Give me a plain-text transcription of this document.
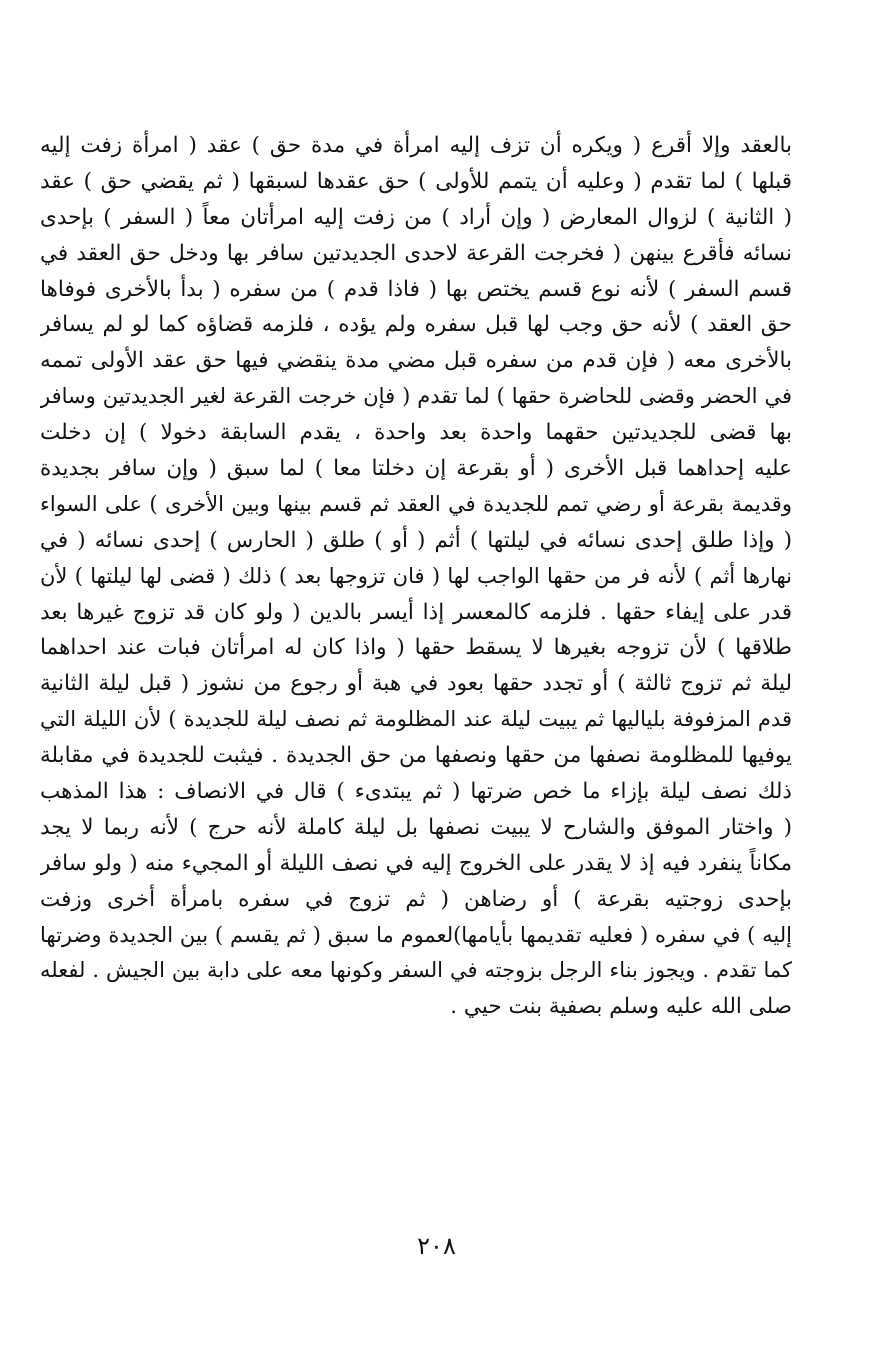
بالعقد وإلا أقرع ( ويكره أن تزف إليه امرأة في مدة حق ) عقد ( امرأة زفت إليه
قبلها ) لما تقدم ( وعليه أن يتمم للأولى ) حق عقدها لسبقها ( ثم يقضي حق ) عقد
( الثانية ) لزوال المعارض ( وإن أراد ) من زفت إليه امرأتان معاً ( السفر ) بإحدى
نسائه فأقرع بينهن ( فخرجت القرعة لاحدى الجديدتين سافر بها ودخل حق العقد في
قسم السفر ) لأنه نوع قسم يختص بها ( فاذا قدم ) من سفره ( بدأ بالأخرى فوفاها
حق العقد ) لأنه حق وجب لها قبل سفره ولم يؤده ، فلزمه قضاؤه كما لو لم يسافر
بالأخرى معه ( فإن قدم من سفره قبل مضي مدة ينقضي فيها حق عقد الأولى تممه
في الحضر وقضى للحاضرة حقها ) لما تقدم ( فإن خرجت القرعة لغير الجديدتين وسافر
بها قضى للجديدتين حقهما واحدة بعد واحدة ، يقدم السابقة دخولا ) إن دخلت
عليه إحداهما قبل الأخرى ( أو بقرعة إن دخلتا معا ) لما سبق ( وإن سافر بجديدة
وقديمة بقرعة أو رضي تمم للجديدة في العقد ثم قسم بينها وبين الأخرى ) على السواء
( وإذا طلق إحدى نسائه في ليلتها ) أثم ( أو ) طلق ( الحارس ) إحدى نسائه ( في
نهارها أثم ) لأنه فر من حقها الواجب لها ( فان تزوجها بعد ) ذلك ( قضى لها ليلتها ) لأن
قدر على إيفاء حقها . فلزمه كالمعسر إذا أيسر بالدين ( ولو كان قد تزوج غيرها بعد
طلاقها ) لأن تزوجه بغيرها لا يسقط حقها ( واذا كان له امرأتان فبات عند احداهما
ليلة ثم تزوج ثالثة ) أو تجدد حقها بعود في هبة أو رجوع من نشوز ( قبل ليلة الثانية
قدم المزفوفة بلياليها ثم يبيت ليلة عند المظلومة ثم نصف ليلة للجديدة ) لأن الليلة التي
يوفيها للمظلومة نصفها من حقها ونصفها من حق الجديدة . فيثبت للجديدة في مقابلة
ذلك نصف ليلة بإزاء ما خص ضرتها ( ثم يبتدىء ) قال في الانصاف : هذا المذهب
( واختار الموفق والشارح لا يبيت نصفها بل ليلة كاملة لأنه حرج ) لأنه ربما لا يجد
مكاناً ينفرد فيه إذ لا يقدر على الخروج إليه في نصف الليلة أو المجيء منه ( ولو سافر
بإحدى زوجتيه بقرعة ) أو رضاهن ( ثم تزوج في سفره بامرأة أخرى وزفت
إليه ) في سفره ( فعليه تقديمها بأيامها)لعموم ما سبق ( ثم يقسم ) بين الجديدة وضرتها
كما تقدم . ويجوز بناء الرجل بزوجته في السفر وكونها معه على دابة بين الجيش . لفعله
صلى الله عليه وسلم بصفية بنت حيي .
٢٠٨
